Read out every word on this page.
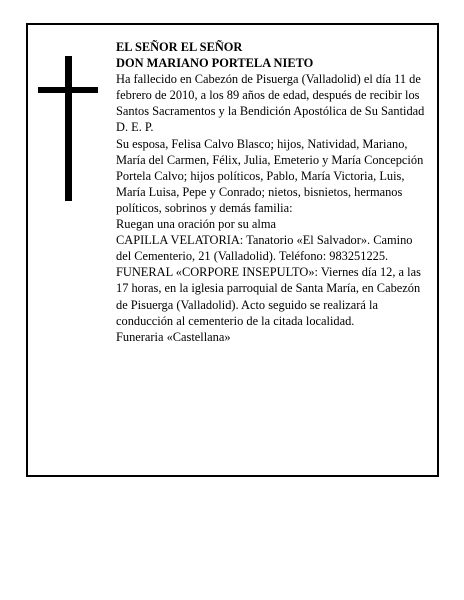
EL SEÑOR EL SEÑOR

DON MARIANO PORTELA NIETO

Ha fallecido en Cabezón de Pisuerga (Valladolid) el día 11 de febrero de 2010, a los 89 años de edad, después de recibir los Santos Sacramentos y la Bendición Apostólica de Su Santidad

D. E. P.

Su esposa, Felisa Calvo Blasco; hijos, Natividad, Mariano, María del Carmen, Félix, Julia, Emeterio y María Concepción Portela Calvo; hijos políticos, Pablo, María Victoria, Luis, María Luisa, Pepe y Conrado; nietos, bisnietos, hermanos políticos, sobrinos y demás familia:

Ruegan una oración por su alma

CAPILLA VELATORIA: Tanatorio «El Salvador». Camino del Cementerio, 21 (Valladolid). Teléfono: 983251225.

FUNERAL «CORPORE INSEPULTO»: Viernes día 12, a las 17 horas, en la iglesia parroquial de Santa María, en Cabezón de Pisuerga (Valladolid). Acto seguido se realizará la conducción al cementerio de la citada localidad.

Funeraria «Castellana»
